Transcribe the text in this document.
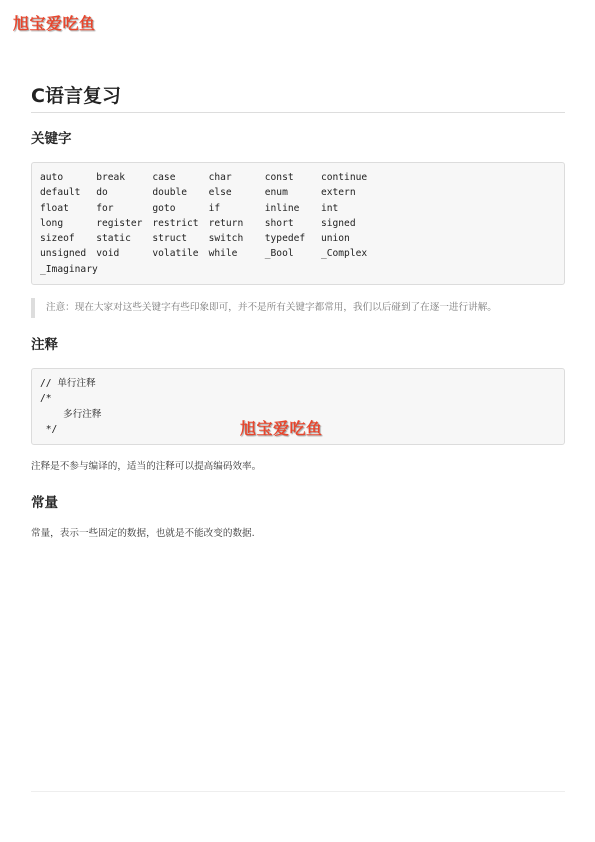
旭宝爱吃鱼
C语言复习
关键字
auto	break	case	char	const	continue
default	do	double	else	enum	extern
float	for	goto	if	inline	int
long	register	restrict	return	short	signed
sizeof	static	struct	switch	typedef	union
unsigned	void	volatile	while	_Bool	_Complex
_Imaginary
注意：现在大家对这些关键字有些印象即可，并不是所有关键字都常用，我们以后碰到了在逐一进行讲解。
注释
// 单行注释
/*
多行注释
*/

注释是不参与编译的，适当的注释可以提高编码效率。

常量

常量，表示一些固定的数据，也就是不能改变的数据.

旭宝爱吃鱼
